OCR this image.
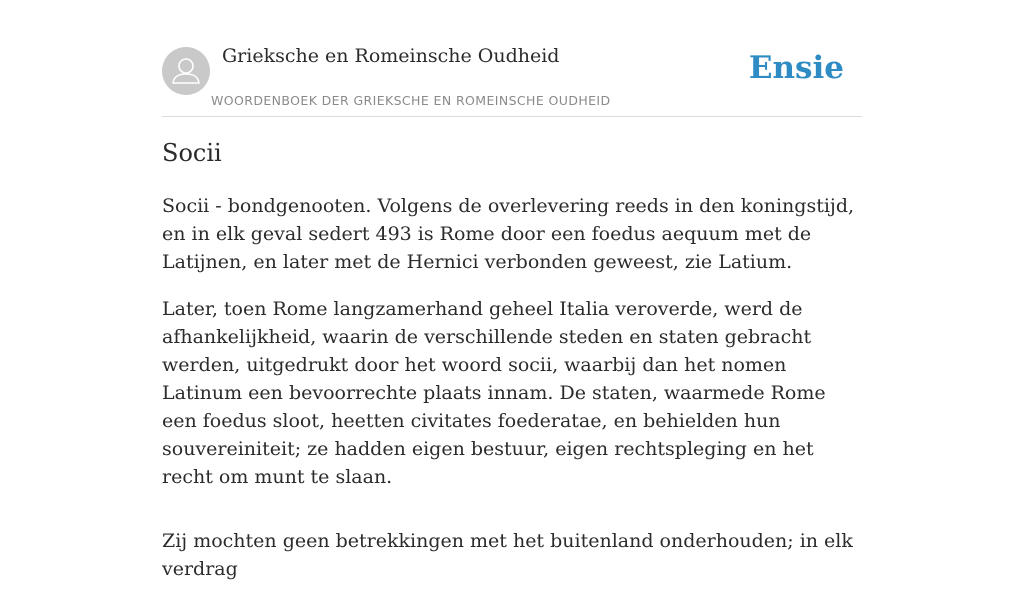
Grieksche en Romeinsche Oudheid
WOORDENBOEK DER GRIEKSCHE EN ROMEINSCHE OUDHEID
Ensie
Socii

Socii - bondgenooten. Volgens de overlevering reeds in den koningstijd, en in elk geval sedert 493 is Rome door een foedus aequum met de Latijnen, en later met de Hernici verbonden geweest, zie Latium.

Later, toen Rome langzamerhand geheel Italia veroverde, werd de afhankelijkheid, waarin de verschillende steden en staten gebracht werden, uitgedrukt door het woord socii, waarbij dan het nomen Latinum een bevoorrechte plaats innam. De staten, waarmede Rome een foedus sloot, heetten civitates foederatae, en behielden hun souvereiniteit; ze hadden eigen bestuur, eigen rechtspleging en het recht om munt te slaan.

Zij mochten geen betrekkingen met het buitenland onderhouden; in elk verdrag
